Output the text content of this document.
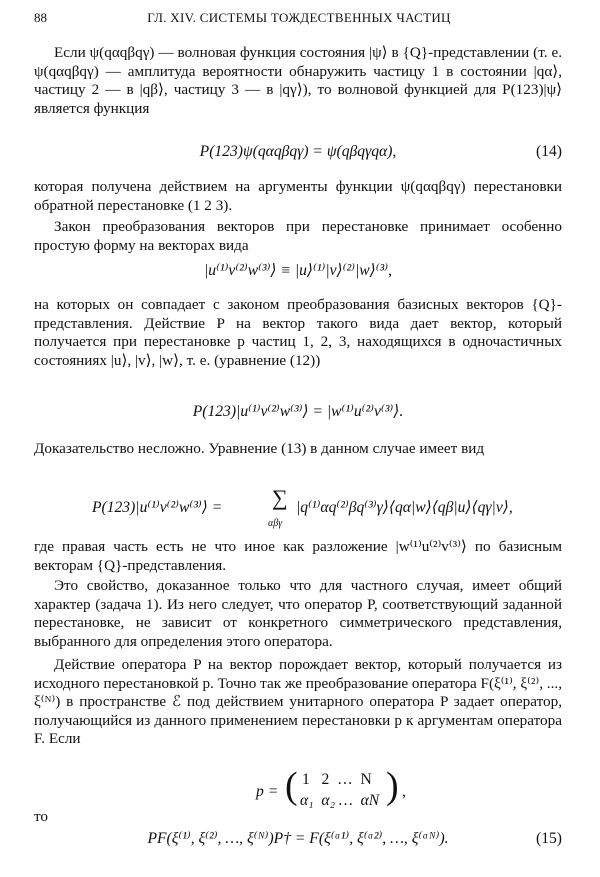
88	ГЛ. XIV. СИСТЕМЫ ТОЖДЕСТВЕННЫХ ЧАСТИЦ

Если ψ(qαqβqγ) — волновая функция состояния |ψ⟩ в {Q}-представлении (т. е. ψ(qαqβqγ) — амплитуда вероятности обнаружить частицу 1 в состоянии |qα⟩, частицу 2 — в |qβ⟩, частицу 3 — в |qγ⟩), то волновой функцией для P(123)|ψ⟩ является функция

P(123)ψ(qαqβqγ) = ψ(qβqγqα),	(14)

которая получена действием на аргументы функции ψ(qαqβqγ) перестановки обратной перестановке (1 2 3).

Закон преобразования векторов при перестановке принимает особенно простую форму на векторах вида

|u⁽¹⁾v⁽²⁾w⁽³⁾⟩ ≡ |u⟩⁽¹⁾|v⟩⁽²⁾|w⟩⁽³⁾,

на которых он совпадает с законом преобразования базисных векторов {Q}-представления. Действие P на вектор такого вида дает вектор, который получается при перестановке p частиц 1, 2, 3, находящихся в одночастичных состояниях |u⟩, |v⟩, |w⟩, т. е. (уравнение (12))

P(123)|u⁽¹⁾v⁽²⁾w⁽³⁾⟩ = |w⁽¹⁾u⁽²⁾v⁽³⁾⟩.

Доказательство несложно. Уравнение (13) в данном случае имеет вид

P(123)|u⁽¹⁾v⁽²⁾w⁽³⁾⟩ = ∑
αβγ
|q⁽¹⁾αq⁽²⁾βq⁽³⁾γ⟩⟨qα|w⟩⟨qβ|u⟩⟨qγ|v⟩,

где правая часть есть не что иное как разложение |w⁽¹⁾u⁽²⁾v⁽³⁾⟩ по базисным векторам {Q}-представления.

Это свойство, доказанное только что для частного случая, имеет общий характер (задача 1). Из него следует, что оператор P, соответствующий заданной перестановке, не зависит от конкретного симметрического представления, выбранного для определения этого оператора.

Действие оператора P на вектор порождает вектор, который получается из исходного перестановкой p. Точно так же преобразование оператора F(ξ⁽¹⁾, ξ⁽²⁾, ..., ξ⁽ᴺ⁾) в пространстве ℰ под действием унитарного оператора P задает оператор, получающийся из данного применением перестановки p к аргументам оператора F. Если

p = ( 1   2  …  N
α₁  α₂ …  αN ) ,

то

PF(ξ⁽¹⁾, ξ⁽²⁾, …, ξ⁽ᴺ⁾)P† = F(ξ⁽ᵅ¹⁾, ξ⁽ᵅ²⁾, …, ξ⁽ᵅᴺ⁾).	(15)
